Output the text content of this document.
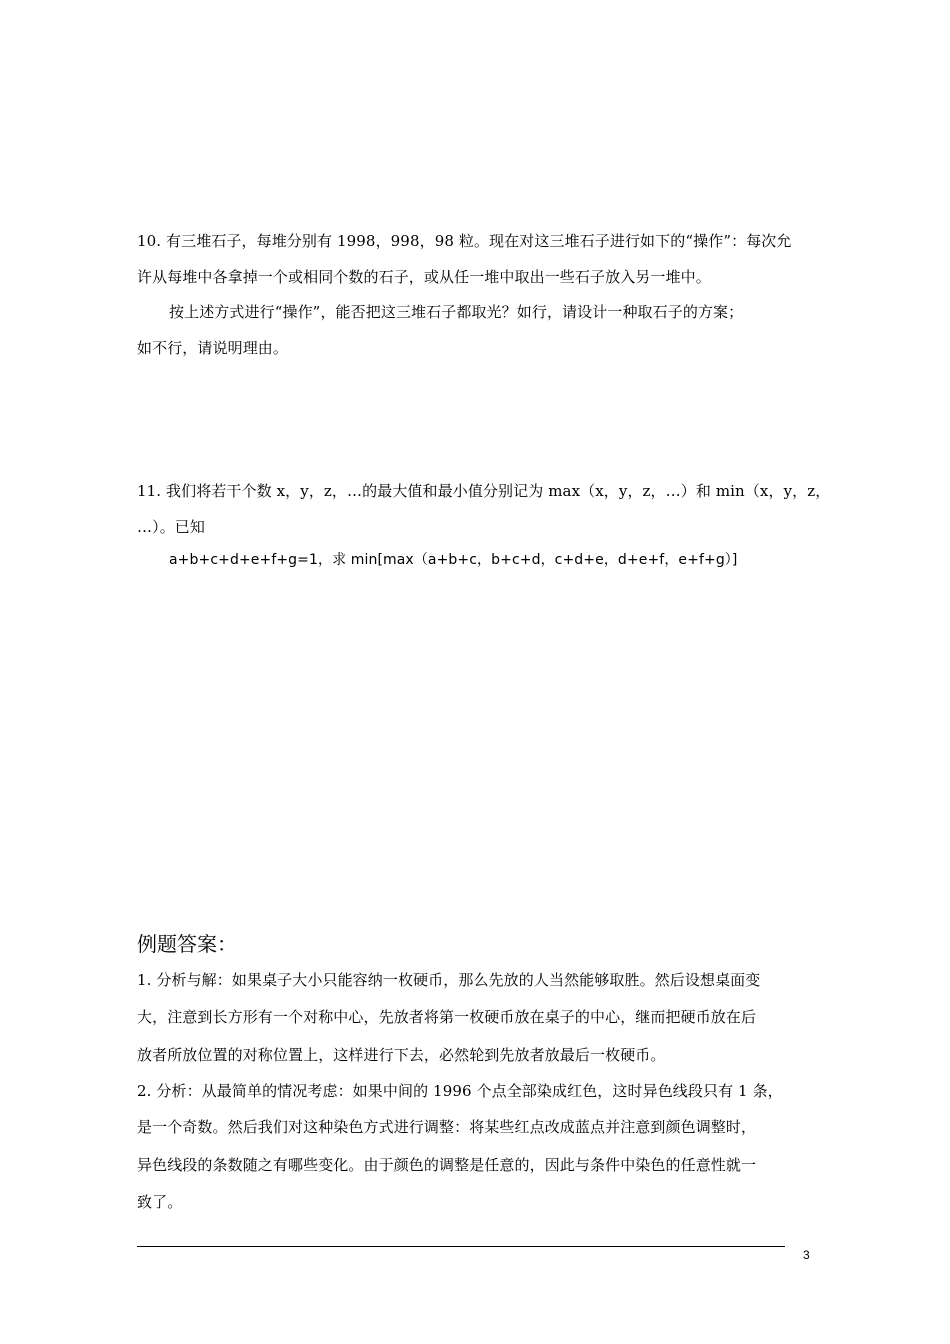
10. 有三堆石子，每堆分别有 1998，998，98 粒。现在对这三堆石子进行如下的“操作”：每次允

许从每堆中各拿掉一个或相同个数的石子，或从任一堆中取出一些石子放入另一堆中。

按上述方式进行“操作”，能否把这三堆石子都取光？如行，请设计一种取石子的方案；

如不行，请说明理由。

11. 我们将若干个数 x，y，z，…的最大值和最小值分别记为 max（x，y，z，…）和 min（x，y，z，

…）。已知

a+b+c+d+e+f+g=1，求 min[max（a+b+c，b+c+d，c+d+e，d+e+f，e+f+g）]

例题答案：

1. 分析与解：如果桌子大小只能容纳一枚硬币，那么先放的人当然能够取胜。然后设想桌面变

大，注意到长方形有一个对称中心，先放者将第一枚硬币放在桌子的中心，继而把硬币放在后

放者所放位置的对称位置上，这样进行下去，必然轮到先放者放最后一枚硬币。

2. 分析：从最简单的情况考虑：如果中间的 1996 个点全部染成红色，这时异色线段只有 1 条，

是一个奇数。然后我们对这种染色方式进行调整：将某些红点改成蓝点并注意到颜色调整时，

异色线段的条数随之有哪些变化。由于颜色的调整是任意的，因此与条件中染色的任意性就一

致了。

3
